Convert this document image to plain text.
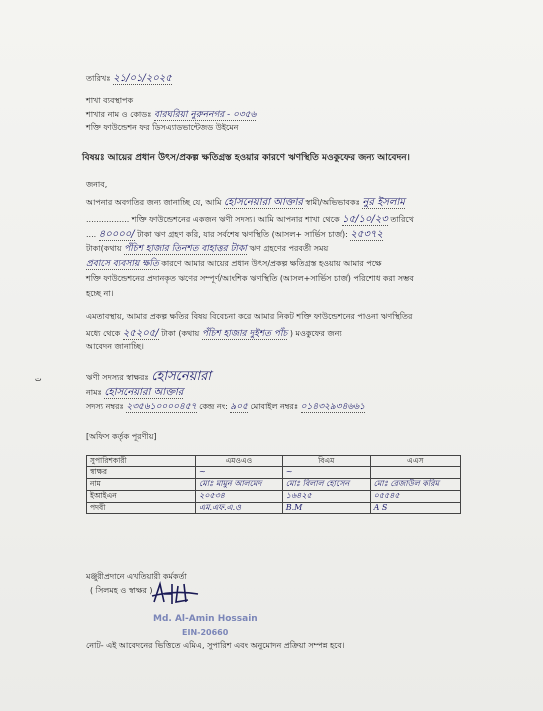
তারিখঃ ২১/০১/২০২৫
শাখা ব্যবস্থাপক
শাখার নাম ও কোডঃ বারঘরিয়া নুরুননগর - ০৩৫৬
শক্তি ফাউন্ডেশন ফর ডিসএ্যাডভান্টেজড উইমেন
বিষয়ঃ আয়ের প্রধান উৎস/প্রকল্প ক্ষতিগ্রস্ত হওয়ার কারণে ঋণস্থিতি মওকুফের জন্য আবেদন।
জনাব,
আপনার অবগতির জন্য জানাচ্ছি যে, আমি হোসনেয়ারা আক্তার স্বামী/অভিভাবকঃ নুর ইসলাম
................. শক্তি ফাউন্ডেশনের একজন ঋণী সদস্য। আমি আপনার শাখা থেকে ১৫/১০/২৩ তারিখে
.... ৪০০০০/ টাকা ঋণ গ্রহণ করি, যার সর্বশেষ ঋণস্থিতি (আসল+ সার্ভিস চার্জ): ২৫৩৭২
টাকা(কথায় পঁচিশ হাজার তিনশত বাহাত্তর টাকা ঋণ গ্রহণের পরবর্তী সময়
প্রবাসে ব্যবসায় ক্ষতি কারণে আমার আয়ের প্রধান উৎস/প্রকল্প ক্ষতিগ্রস্ত হওয়ায় আমার পক্ষে
শক্তি ফাউন্ডেশনের প্রদানকৃত ঋণের সম্পূর্ণ/আংশিক ঋণস্থিতি (আসল+সার্ভিস চার্জ) পরিশোধ করা সম্ভব
হচ্ছে না।
এমতাবস্থায়, আমার প্রকল্প ক্ষতির বিষয় বিবেচনা করে আমার নিকট শক্তি ফাউন্ডেশনের পাওনা ঋণস্থিতির
মধ্যে থেকে ২৫২০৫/ টাকা (কথায় পঁচিশ হাজার দুইশত পাঁচ ) মওকুফের জন্য
আবেদন জানাচ্ছি।
ت	ঋণী সদস্যর স্বাক্ষরঃ হোসনেয়ারা
নামঃ হোসনেয়ারা আক্তার
সদস্য নম্বরঃ ২৩৫৬১০০০০৪৫৭ কেন্দ্র নং: ৯০৫ মোবাইল নম্বরঃ ০১৪৩২৯৩৪৬৬১
[অফিস কর্তৃক পূরণীয়]
সুপারিশকারী	এমওএও	বিএম	এএস
স্বাক্ষর	~	~	
নাম	মোঃ মামুন আলমেদ	মোঃ বিলাল হোসেন	মোঃ রেজাউল করিম
ইআইএন	২০৫৩৪	১৬৪২৫	০৫৫৪৫
পদবী	এম.এফ.এ.ও	B.M	A S
মঞ্জুরীপ্রদানে এখতিয়ারী কর্মকর্তা
( সিলমহ ও স্বাক্ষর )
Md. Al-Amin Hossain
EIN-20660
নোট- এই আবেদনের ভিত্তিতে এমিএ, সুপারিশ এবং অনুমোদন প্রক্রিয়া সম্পন্ন হবে।
